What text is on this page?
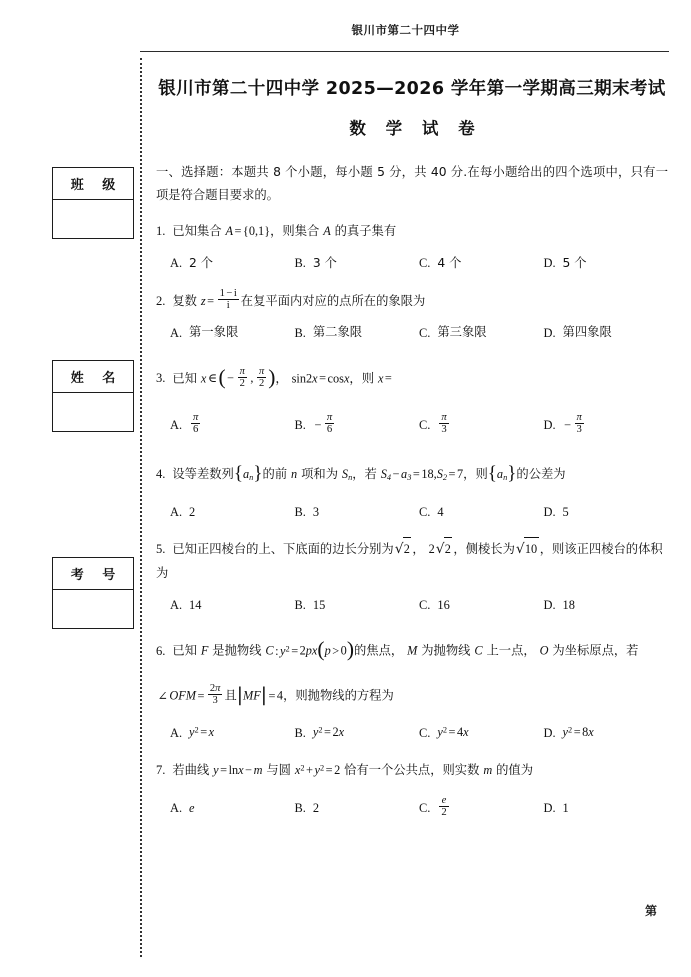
银川市第二十四中学
班 级
姓 名
考 号
银川市第二十四中学 2025—2026 学年第一学期高三期末考试
数 学 试 卷
一、选择题：本题共 8 个小题，每小题 5 分，共 40 分.在每小题给出的四个选项中，只有一项是符合题目要求的。
1. 已知集合 A = {0,1}，则集合 A 的真子集有
A. 2 个	B. 3 个	C. 4 个	D. 5 个
2. 复数 $z = \frac{1 - i}{i}$ 在复平面内对应的点所在的象限为
A. 第一象限	B. 第二象限	C. 第三象限	D. 第四象限
3. 已知 x ∈( − $\frac{\pi}{2}$ , $\frac{\pi}{2}$ )， sin2x = cosx，则 x =
A. $\frac{\pi}{6}$	B. − $\frac{\pi}{6}$	C. $\frac{\pi}{3}$	D. − $\frac{\pi}{3}$
4. 设等差数列$\{a_n\}$的前 n 项和为 $S_n$，若 $S_4 - a_3 = 18,S_2 = 7$，则$\{a_n\}$的公差为
A. 2	B. 3	C. 4	D. 5
5. 已知正四棱台的上、下底面的边长分别为 √ 2 ， 2 √ 2 ，侧棱长为 √ 10 ，则该正四棱台的体积为
A. 14	B. 15	C. 16	D. 18
6. 已知 F 是抛物线 C : $y^2 = 2px(p > 0)$的焦点， M 为抛物线 C 上一点， O 为坐标原点，若
∠ OFM = $\frac{2\pi}{3}$ 且|MF| = 4，则抛物线的方程为
A. $y^2 = x$	B. $y^2 = 2x$	C. $y^2 = 4x$	D. $y^2 = 8x$
7. 若曲线 y = lnx − m 与圆 $x^2 + y^2 = 2$ 恰有一个公共点，则实数 m 的值为
A. e	B. 2	C. $\frac{e}{2}$	D. 1
第
